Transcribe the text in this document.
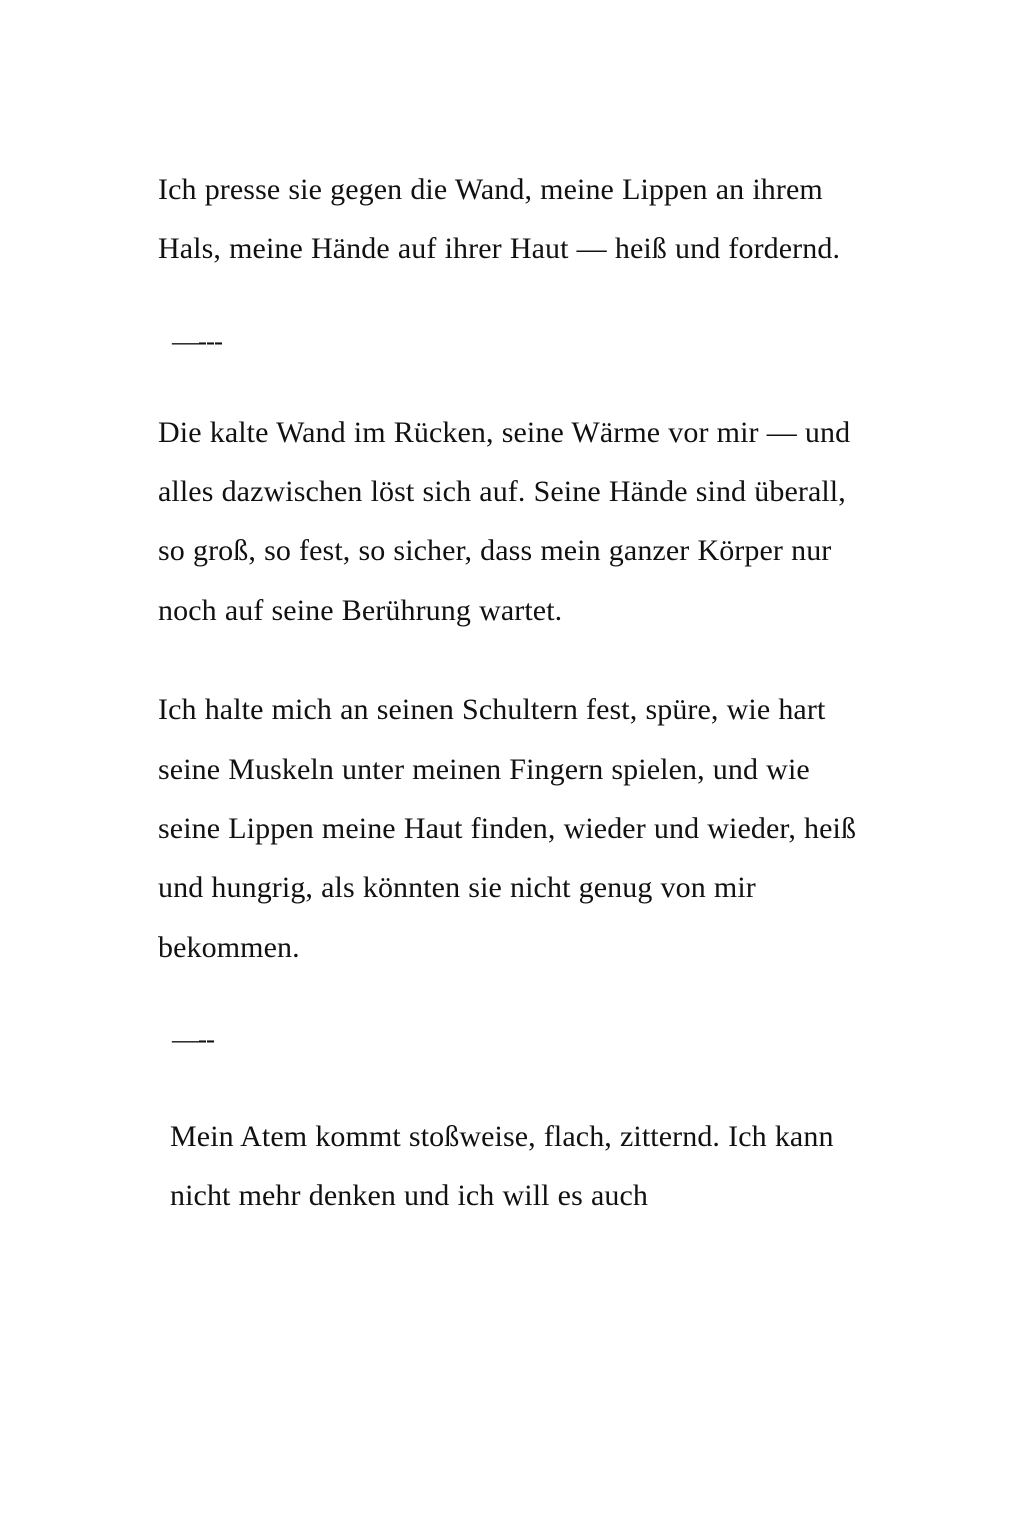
Ich presse sie gegen die Wand, meine Lippen an ihrem Hals, meine Hände auf ihrer Haut — heiß und fordernd.

—---

Die kalte Wand im Rücken, seine Wärme vor mir — und alles dazwischen löst sich auf. Seine Hände sind überall, so groß, so fest, so sicher, dass mein ganzer Körper nur noch auf seine Berührung wartet.

Ich halte mich an seinen Schultern fest, spüre, wie hart seine Muskeln unter meinen Fingern spielen, und wie seine Lippen meine Haut finden, wieder und wieder, heiß und hungrig, als könnten sie nicht genug von mir bekommen.

—--

Mein Atem kommt stoßweise, flach, zitternd. Ich kann nicht mehr denken und ich will es auch
